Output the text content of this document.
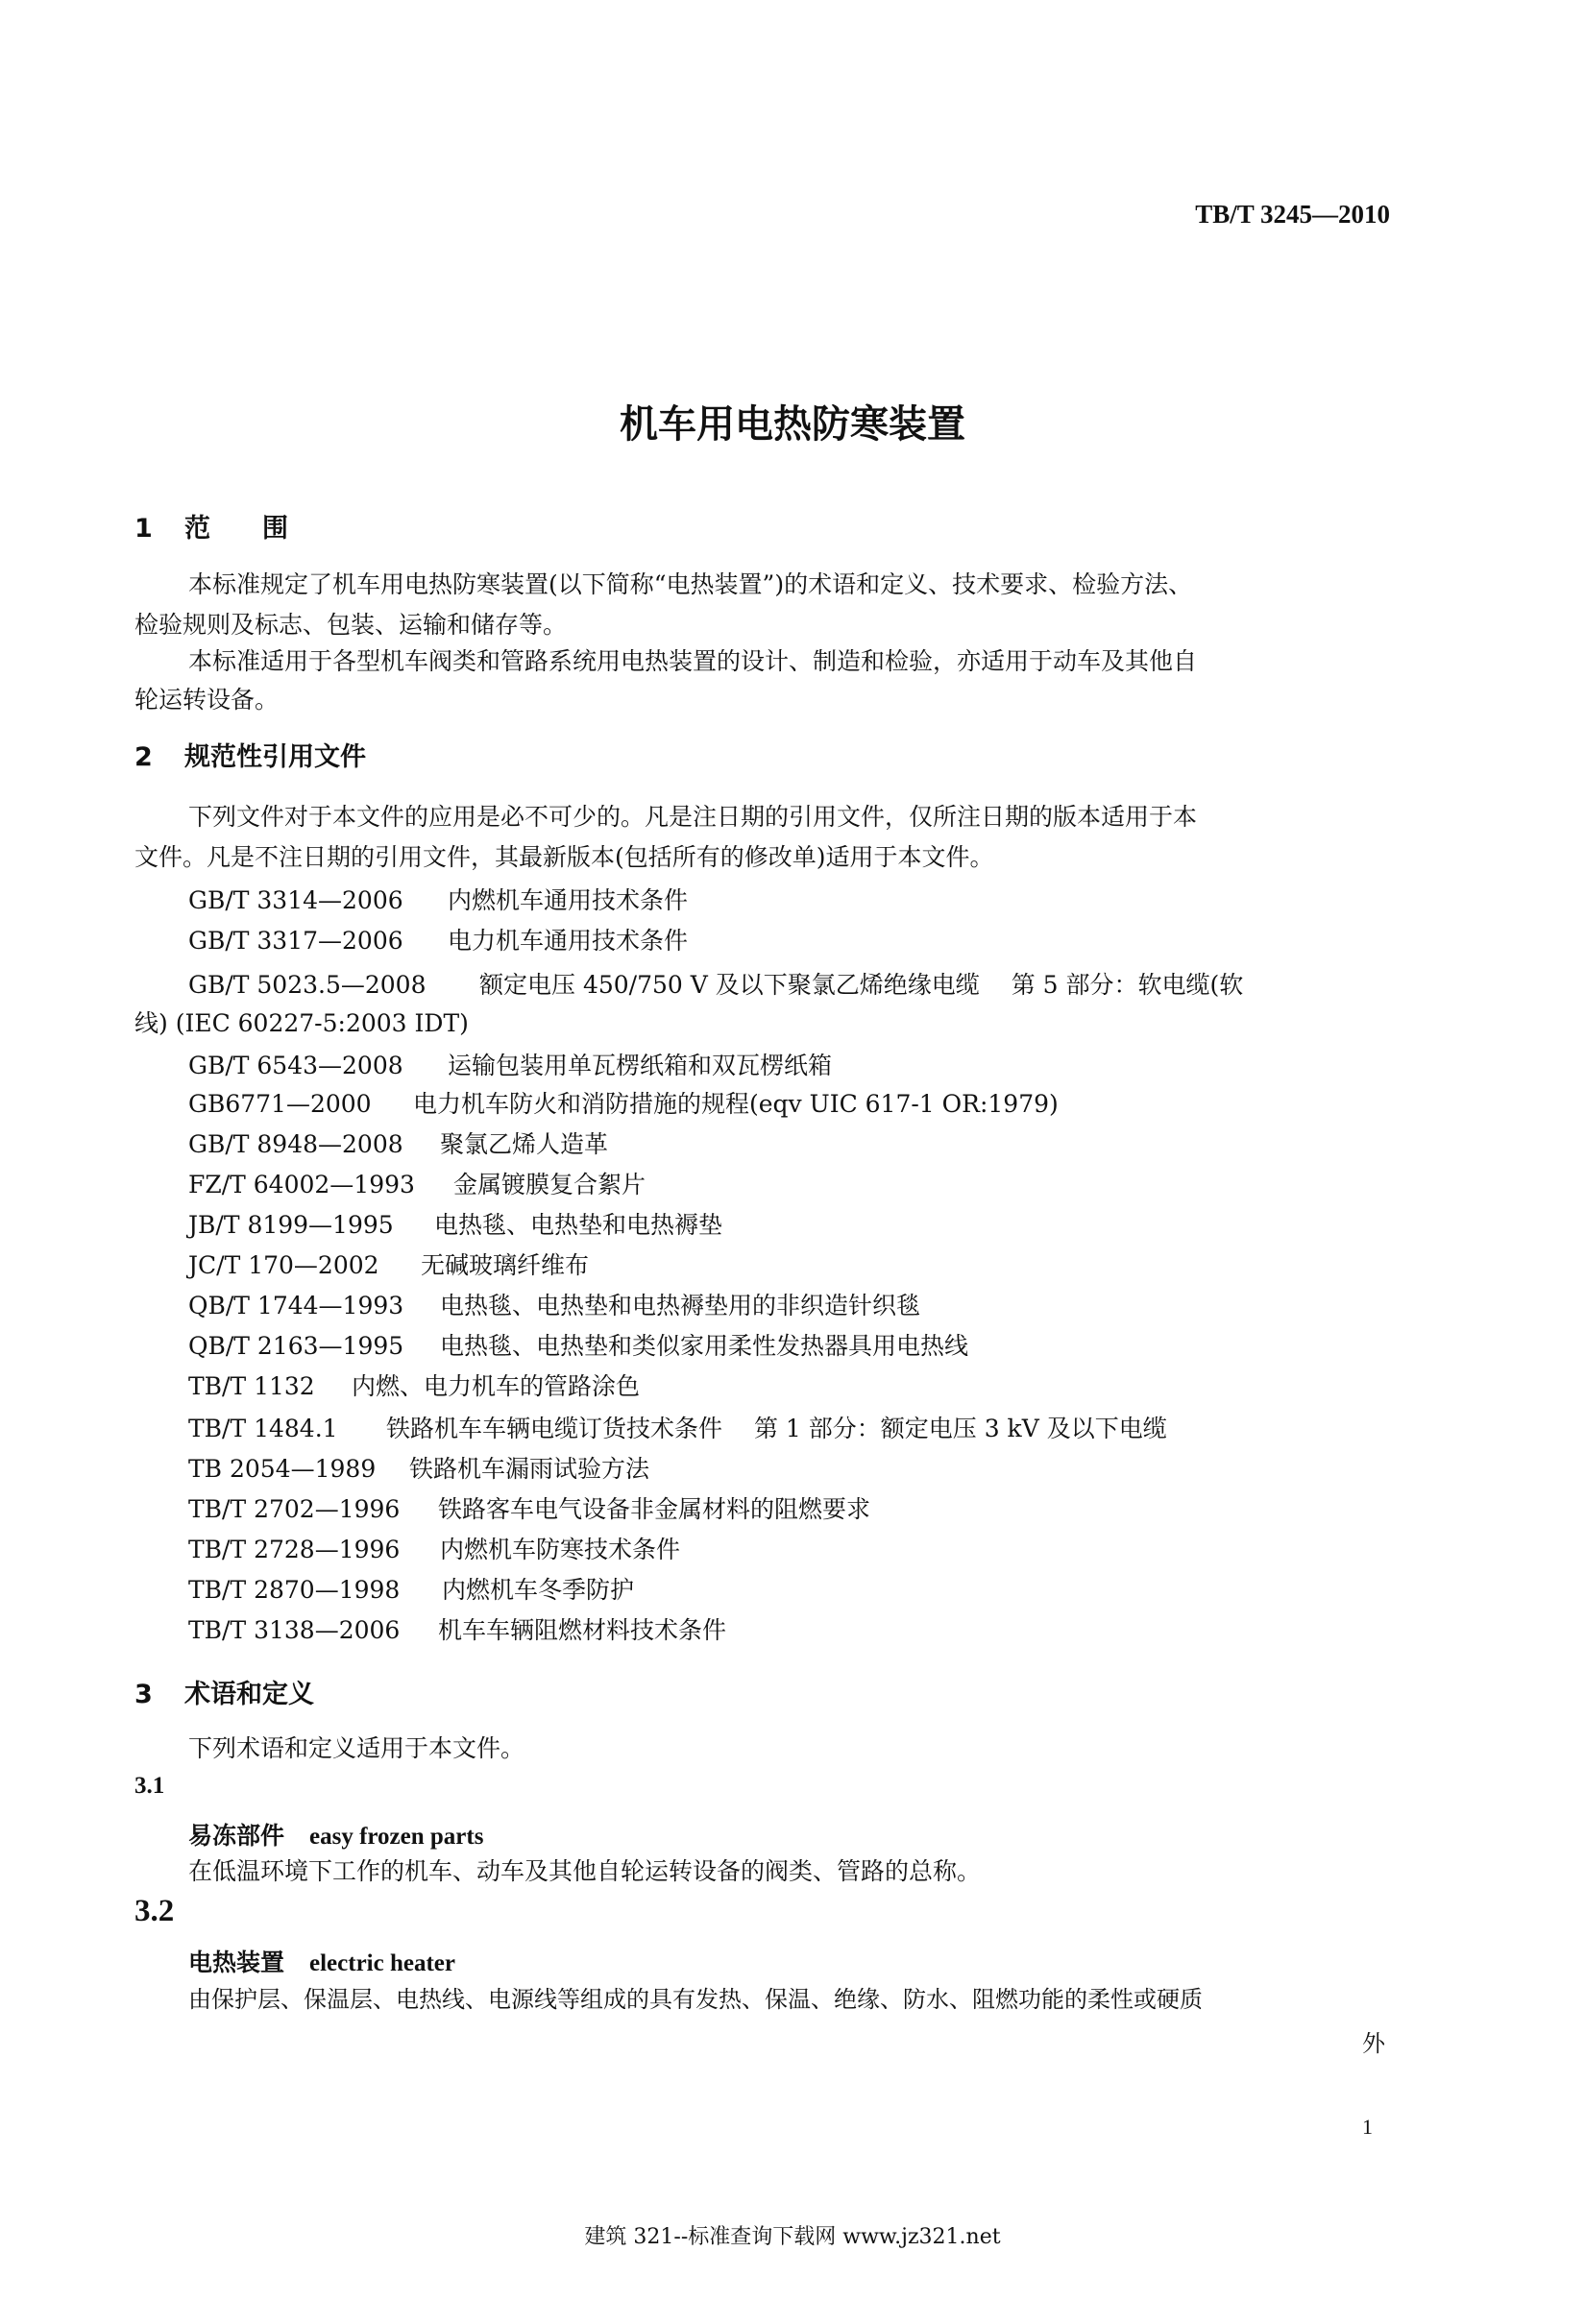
TB/T 3245—2010
机车用电热防寒装置
1 范　　围
本标准规定了机车用电热防寒装置(以下简称“电热装置”)的术语和定义、技术要求、检验方法、
检验规则及标志、包装、运输和储存等。
本标准适用于各型机车阀类和管路系统用电热装置的设计、制造和检验，亦适用于动车及其他自
轮运转设备。
2 规范性引用文件
下列文件对于本文件的应用是必不可少的。凡是注日期的引用文件，仅所注日期的版本适用于本
文件。凡是不注日期的引用文件，其最新版本(包括所有的修改单)适用于本文件。
GB/T 3314—2006 内燃机车通用技术条件
GB/T 3317—2006 电力机车通用技术条件
GB/T 5023.5—2008 额定电压 450/750 V 及以下聚氯乙烯绝缘电缆　 第 5 部分：软电缆(软
线) (IEC 60227-5:2003 IDT)
GB/T 6543—2008 运输包装用单瓦楞纸箱和双瓦楞纸箱
GB6771—2000 电力机车防火和消防措施的规程(eqv UIC 617-1 OR:1979)
GB/T 8948—2008 聚氯乙烯人造革
FZ/T 64002—1993 金属镀膜复合絮片
JB/T 8199—1995 电热毯、电热垫和电热褥垫
JC/T 170—2002 无碱玻璃纤维布
QB/T 1744—1993 电热毯、电热垫和电热褥垫用的非织造针织毯
QB/T 2163—1995 电热毯、电热垫和类似家用柔性发热器具用电热线
TB/T 1132 内燃、电力机车的管路涂色
TB/T 1484.1 铁路机车车辆电缆订货技术条件　 第 1 部分：额定电压 3 kV 及以下电缆
TB 2054—1989 铁路机车漏雨试验方法
TB/T 2702—1996 铁路客车电气设备非金属材料的阻燃要求
TB/T 2728—1996 内燃机车防寒技术条件
TB/T 2870—1998 内燃机车冬季防护
TB/T 3138—2006 机车车辆阻燃材料技术条件
3 术语和定义
下列术语和定义适用于本文件。
3.1
易冻部件 easy frozen parts
在低温环境下工作的机车、动车及其他自轮运转设备的阀类、管路的总称。
3.2
电热装置 electric heater
由保护层、保温层、电热线、电源线等组成的具有发热、保温、绝缘、防水、阻燃功能的柔性或硬质
外
1
建筑 321--标准查询下载网 www.jz321.net
